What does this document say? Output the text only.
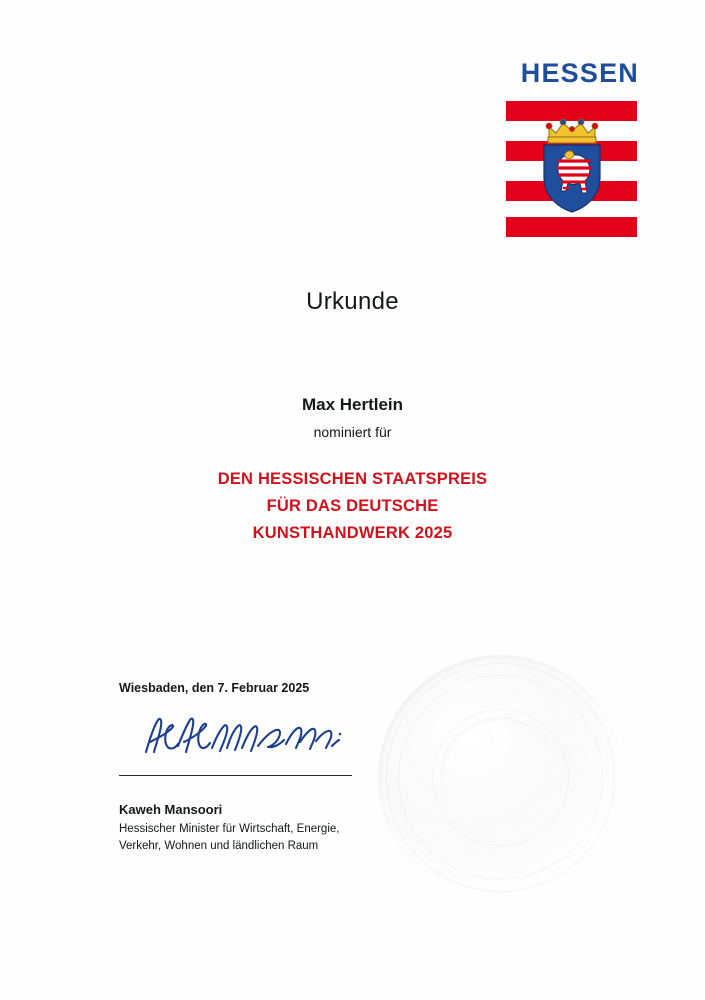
HESSEN
Urkunde
Max Hertlein
nominiert für
DEN HESSISCHEN STAATSPREIS
FÜR DAS DEUTSCHE
KUNSTHANDWERK 2025
Wiesbaden, den 7. Februar 2025
Kaweh Mansoori
Hessischer Minister für Wirtschaft, Energie,
Verkehr, Wohnen und ländlichen Raum
